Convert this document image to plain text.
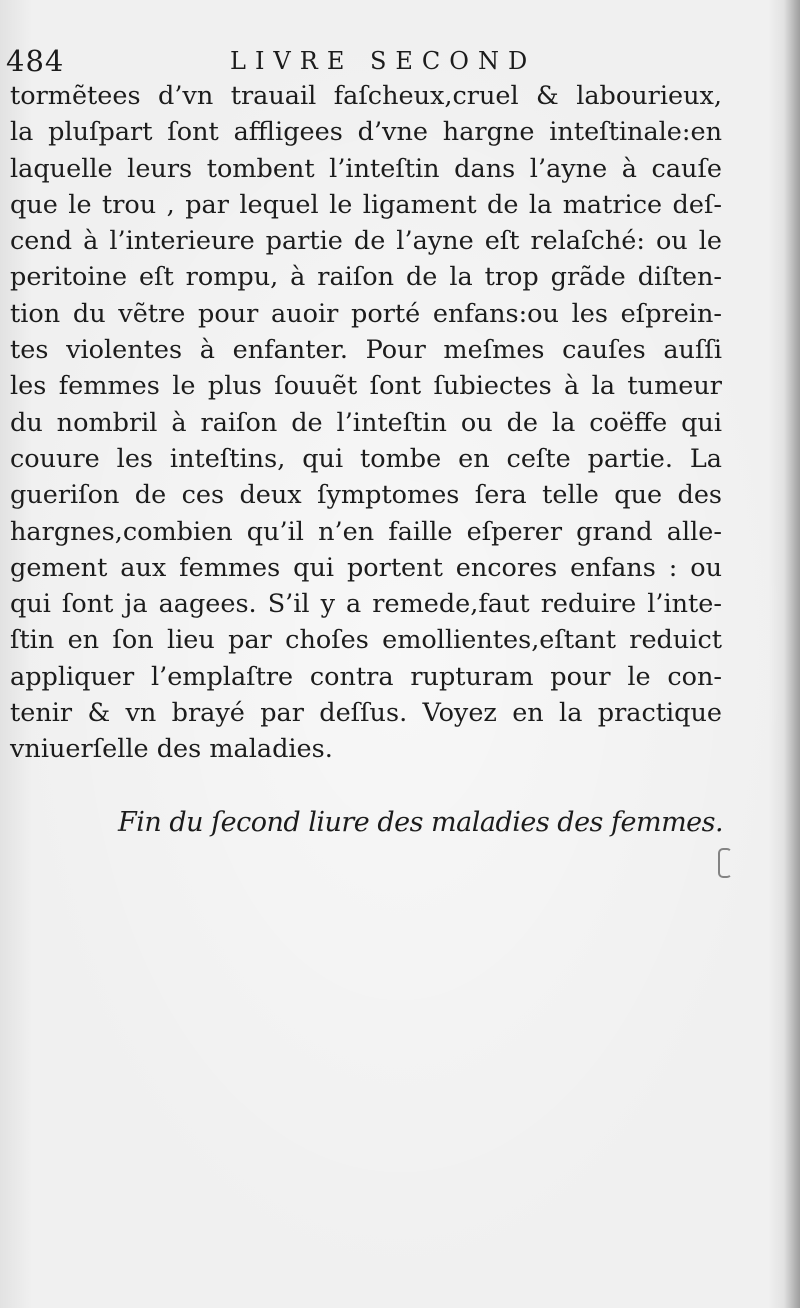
484	LIVRE SECOND
tormẽtees d’vn trauail faſcheux,cruel & labourieux,
la pluſpart ſont affligees d’vne hargne inteſtinale:en
laquelle leurs tombent l’inteſtin dans l’ayne à cauſe
que le trou , par lequel le ligament de la matrice deſ-
cend à l’interieure partie de l’ayne eſt relaſché: ou le
peritoine eſt rompu, à raiſon de la trop grãde diſten-
tion du vẽtre pour auoir porté enfans:ou les eſprein-
tes violentes à enfanter. Pour meſmes cauſes auſſi
les femmes le plus ſouuẽt ſont ſubiectes à la tumeur
du nombril à raiſon de l’inteſtin ou de la coëffe qui
couure les inteſtins, qui tombe en ceſte partie. La
gueriſon de ces deux ſymptomes ſera telle que des
hargnes,combien qu’il n’en faille eſperer grand alle-
gement aux femmes qui portent encores enfans : ou
qui ſont ja aagees. S’il y a remede,faut reduire l’inte-
ſtin en ſon lieu par choſes emollientes,eſtant reduict
appliquer l’emplaſtre contra rupturam pour le con-
tenir & vn brayé par deſſus. Voyez en la practique
vniuerſelle des maladies.
Fin du ſecond liure des maladies des femmes.
